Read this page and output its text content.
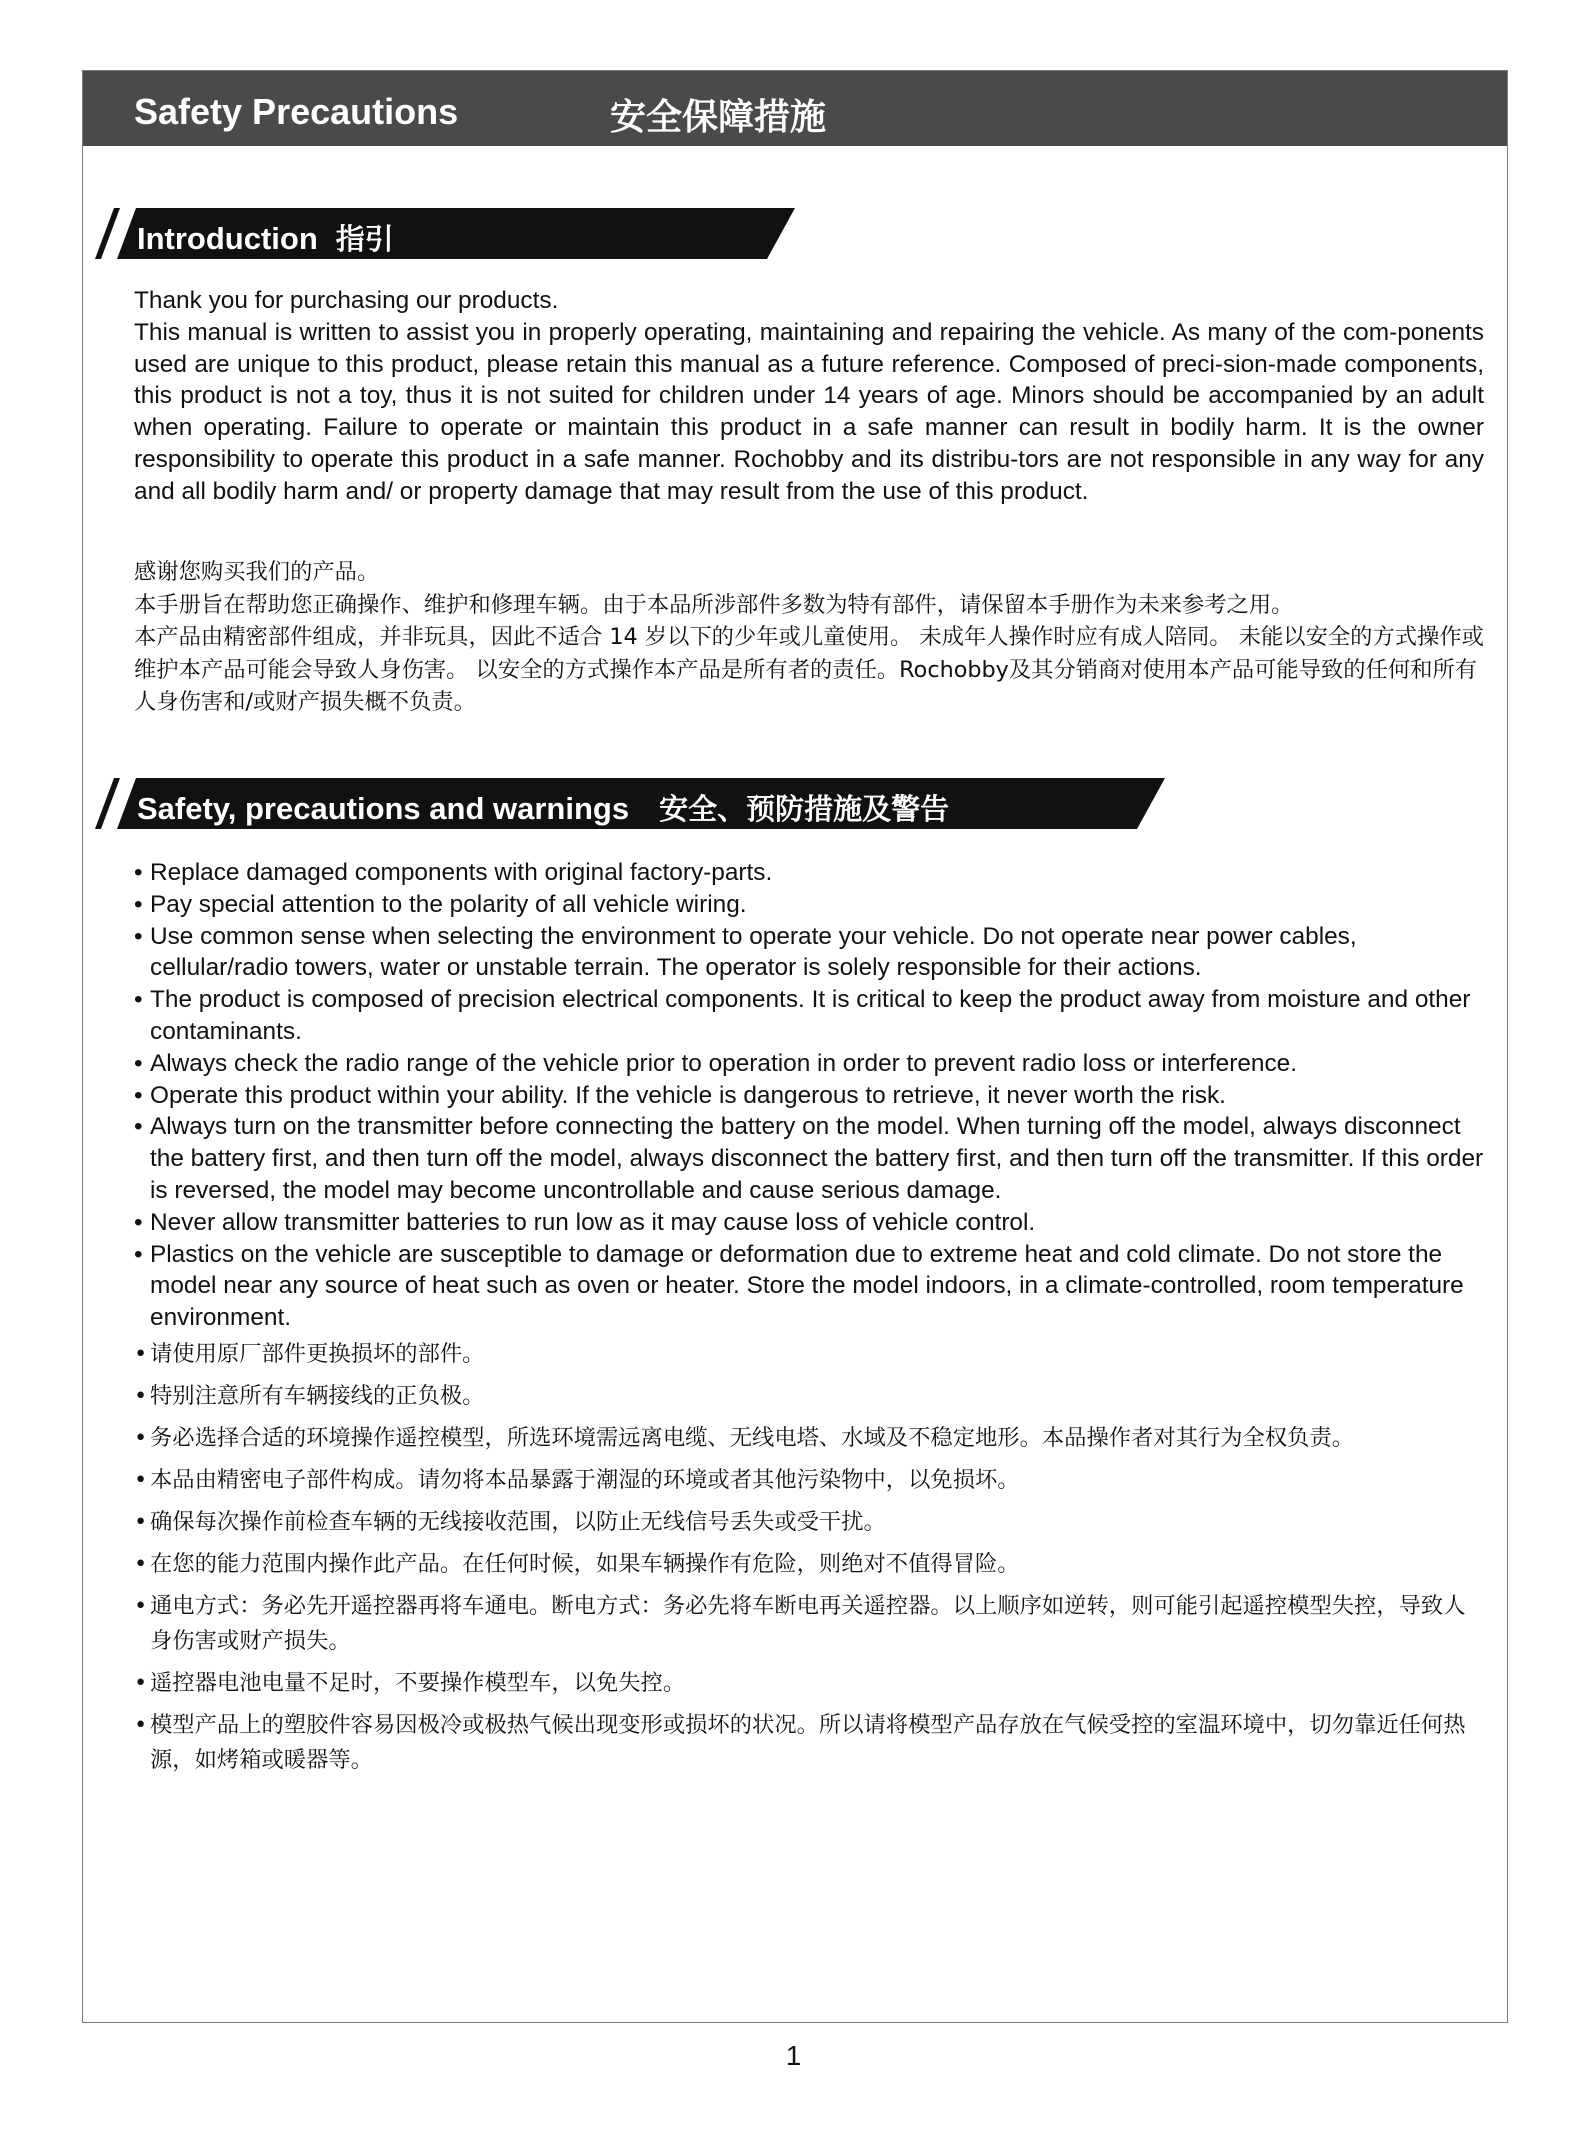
Safety Precautions	安全保障措施
Introduction 指引

Thank you for purchasing our products.
This manual is written to assist you in properly operating, maintaining and repairing the vehicle. As many of the com-ponents used are unique to this product, please retain this manual as a future reference. Composed of preci-sion-made components, this product is not a toy, thus it is not suited for children under 14 years of age. Minors should be accompanied by an adult when operating. Failure to operate or maintain this product in a safe manner can result in bodily harm. It is the owner responsibility to operate this product in a safe manner. Rochobby and its distribu-tors are not responsible in any way for any and all bodily harm and/ or property damage that may result from the use of this product.

感谢您购买我们的产品。
本手册旨在帮助您正确操作、维护和修理车辆。由于本品所涉部件多数为特有部件，请保留本手册作为未来参考之用。
本产品由精密部件组成，并非玩具，因此不适合 14 岁以下的少年或儿童使用。 未成年人操作时应有成人陪同。 未能以安全的方式操作或维护本产品可能会导致人身伤害。 以安全的方式操作本产品是所有者的责任。Rochobby及其分销商对使用本产品可能导致的任何和所有人身伤害和/或财产损失概不负责。

Safety, precautions and warnings 安全、预防措施及警告
• Replace damaged components with original factory-parts.
• Pay special attention to the polarity of all vehicle wiring.
• Use common sense when selecting the environment to operate your vehicle. Do not operate near power cables, cellular/radio towers, water or unstable terrain. The operator is solely responsible for their actions.
• The product is composed of precision electrical components. It is critical to keep the product away from moisture and other contaminants.
• Always check the radio range of the vehicle prior to operation in order to prevent radio loss or interference.
• Operate this product within your ability. If the vehicle is dangerous to retrieve, it never worth the risk.
• Always turn on the transmitter before connecting the battery on the model. When turning off the model, always disconnect the battery first, and then turn off the model, always disconnect the battery first, and then turn off the transmitter. If this order is reversed, the model may become uncontrollable and cause serious damage.
• Never allow transmitter batteries to run low as it may cause loss of vehicle control.
• Plastics on the vehicle are susceptible to damage or deformation due to extreme heat and cold climate. Do not store the model near any source of heat such as oven or heater. Store the model indoors, in a climate-controlled, room temperature environment.
• 请使用原厂部件更换损坏的部件。
• 特别注意所有车辆接线的正负极。
• 务必选择合适的环境操作遥控模型，所选环境需远离电缆、无线电塔、水域及不稳定地形。本品操作者对其行为全权负责。
• 本品由精密电子部件构成。请勿将本品暴露于潮湿的环境或者其他污染物中，以免损坏。
• 确保每次操作前检查车辆的无线接收范围，以防止无线信号丢失或受干扰。
• 在您的能力范围内操作此产品。在任何时候，如果车辆操作有危险，则绝对不值得冒险。
• 通电方式：务必先开遥控器再将车通电。断电方式：务必先将车断电再关遥控器。以上顺序如逆转，则可能引起遥控模型失控，导致人身伤害或财产损失。
• 遥控器电池电量不足时，不要操作模型车，以免失控。
• 模型产品上的塑胶件容易因极冷或极热气候出现变形或损坏的状况。所以请将模型产品存放在气候受控的室温环境中，切勿靠近任何热源，如烤箱或暖器等。
1
